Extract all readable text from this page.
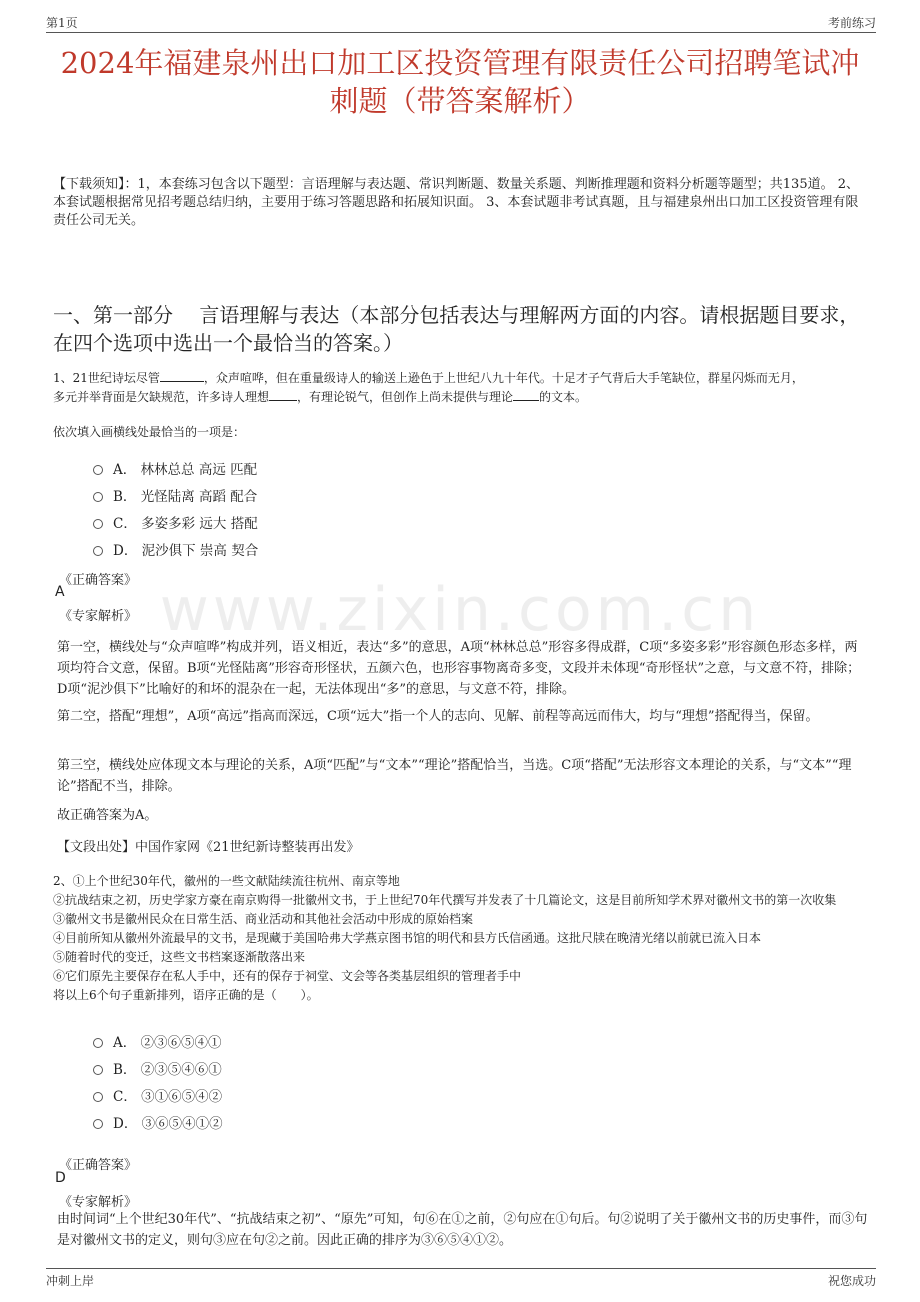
第1页	考前练习
2024年福建泉州出口加工区投资管理有限责任公司招聘笔试冲
刺题（带答案解析）
【下载须知】：1，本套练习包含以下题型：言语理解与表达题、常识判断题、数量关系题、判断推理题和资料分析题等题型；共135道。 2、本套试题根据常见招考题总结归纳，主要用于练习答题思路和拓展知识面。 3、本套试题非考试真题，且与福建泉州出口加工区投资管理有限责任公司无关。
www.zixin.com.cn
一、第一部分　 言语理解与表达（本部分包括表达与理解两方面的内容。请根据题目要求，在四个选项中选出一个最恰当的答案。）
1、21世纪诗坛尽管	，众声喧哗，但在重量级诗人的输送上逊色于上世纪八九十年代。十足才子气背后大手笔缺位，群星闪烁而无月，
多元并举背面是欠缺规范，许多诗人理想 ，有理论锐气，但创作上尚未提供与理论 的文本。
依次填入画横线处最恰当的一项是：
A． 林林总总 高远 匹配
B． 光怪陆离 高蹈 配合
C． 多姿多彩 远大 搭配
D． 泥沙俱下 崇高 契合
《正确答案》
A
《专家解析》
第一空，横线处与“众声喧哗”构成并列，语义相近，表达“多”的意思，A项“林林总总”形容多得成群，C项“多姿多彩”形容颜色形态多样，两项均符合文意，保留。B项“光怪陆离”形容奇形怪状，五颜六色，也形容事物离奇多变，文段并未体现“奇形怪状”之意，与文意不符，排除；D项“泥沙俱下”比喻好的和坏的混杂在一起，无法体现出“多”的意思，与文意不符，排除。
第二空，搭配“理想”，A项“高远”指高而深远，C项“远大”指一个人的志向、见解、前程等高远而伟大，均与“理想”搭配得当，保留。
第三空，横线处应体现文本与理论的关系，A项“匹配”与“文本”“理论”搭配恰当，当选。C项“搭配”无法形容文本理论的关系，与“文本”“理论”搭配不当，排除。
故正确答案为A。
【文段出处】中国作家网《21世纪新诗整装再出发》
2、①上个世纪30年代，徽州的一些文献陆续流往杭州、南京等地
②抗战结束之初，历史学家方豪在南京购得一批徽州文书，于上世纪70年代撰写并发表了十几篇论文，这是目前所知学术界对徽州文书的第一次收集
③徽州文书是徽州民众在日常生活、商业活动和其他社会活动中形成的原始档案
④目前所知从徽州外流最早的文书，是现藏于美国哈弗大学燕京图书馆的明代和县方氏信函通。这批尺牍在晚清光绪以前就已流入日本
⑤随着时代的变迁，这些文书档案逐渐散落出来
⑥它们原先主要保存在私人手中，还有的保存于祠堂、文会等各类基层组织的管理者手中
将以上6个句子重新排列，语序正确的是（　　）。
A． ②③⑥⑤④①
B． ②③⑤④⑥①
C． ③①⑥⑤④②
D． ③⑥⑤④①②
《正确答案》
D
《专家解析》
由时间词“上个世纪30年代”、“抗战结束之初”、“原先”可知，句⑥在①之前，②句应在①句后。句②说明了关于徽州文书的历史事件，而③句是对徽州文书的定义，则句③应在句②之前。因此正确的排序为③⑥⑤④①②。
冲刺上岸	祝您成功
